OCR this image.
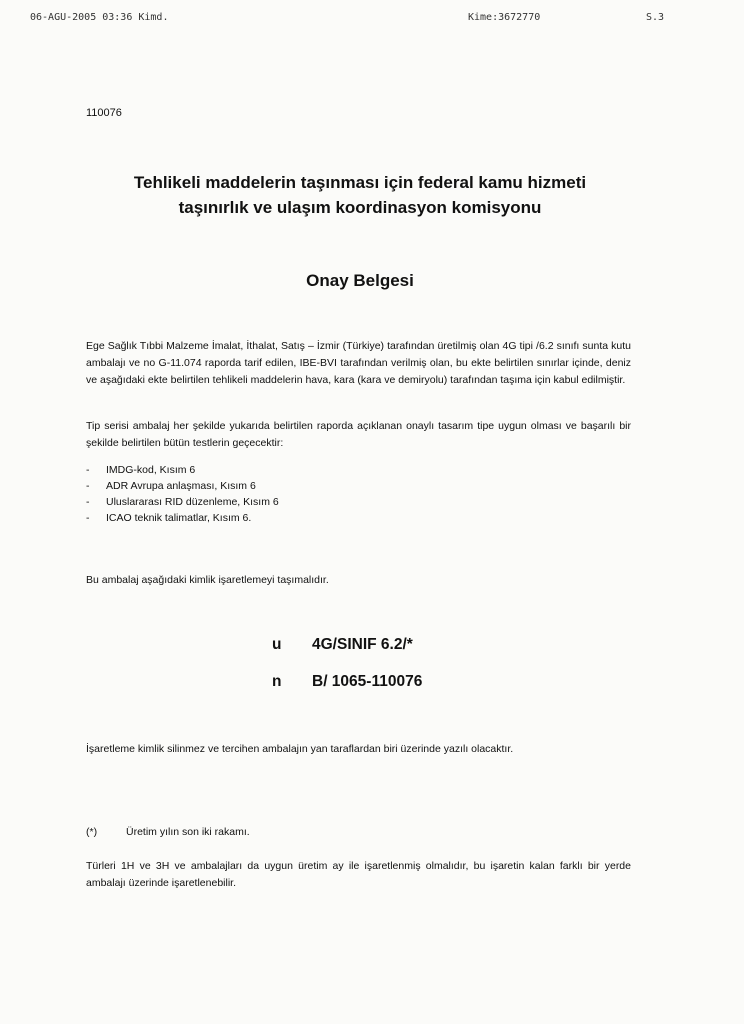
06-AGU-2005 03:36 Kimd.	Kime:3672770	S.3
110076
Tehlikeli maddelerin taşınması için federal kamu hizmeti
taşınırlık ve ulaşım koordinasyon komisyonu
Onay Belgesi
Ege Sağlık Tıbbi Malzeme İmalat, İthalat, Satış – İzmir (Türkiye) tarafından üretilmiş olan 4G tipi /6.2 sınıfı sunta kutu ambalajı ve no G-11.074 raporda tarif edilen, IBE-BVI tarafından verilmiş olan, bu ekte belirtilen sınırlar içinde, deniz ve aşağıdaki ekte belirtilen tehlikeli maddelerin hava, kara (kara ve demiryolu) tarafından taşıma için kabul edilmiştir.
Tip serisi ambalaj her şekilde yukarıda belirtilen raporda açıklanan onaylı tasarım tipe uygun olması ve başarılı bir şekilde belirtilen bütün testlerin geçecektir:
- IMDG-kod, Kısım 6
- ADR Avrupa anlaşması, Kısım 6
- Uluslararası RID düzenleme, Kısım 6
- ICAO teknik talimatlar, Kısım 6.
Bu ambalaj aşağıdaki kimlik işaretlemeyi taşımalıdır.
u 4G/SINIF 6.2/*
n B/ 1065-110076
İşaretleme kimlik silinmez ve tercihen ambalajın yan taraflardan biri üzerinde yazılı olacaktır.
(*)	Üretim yılın son iki rakamı.
Türleri 1H ve 3H ve ambalajları da uygun üretim ay ile işaretlenmiş olmalıdır, bu işaretin kalan farklı bir yerde ambalajı üzerinde işaretlenebilir.
